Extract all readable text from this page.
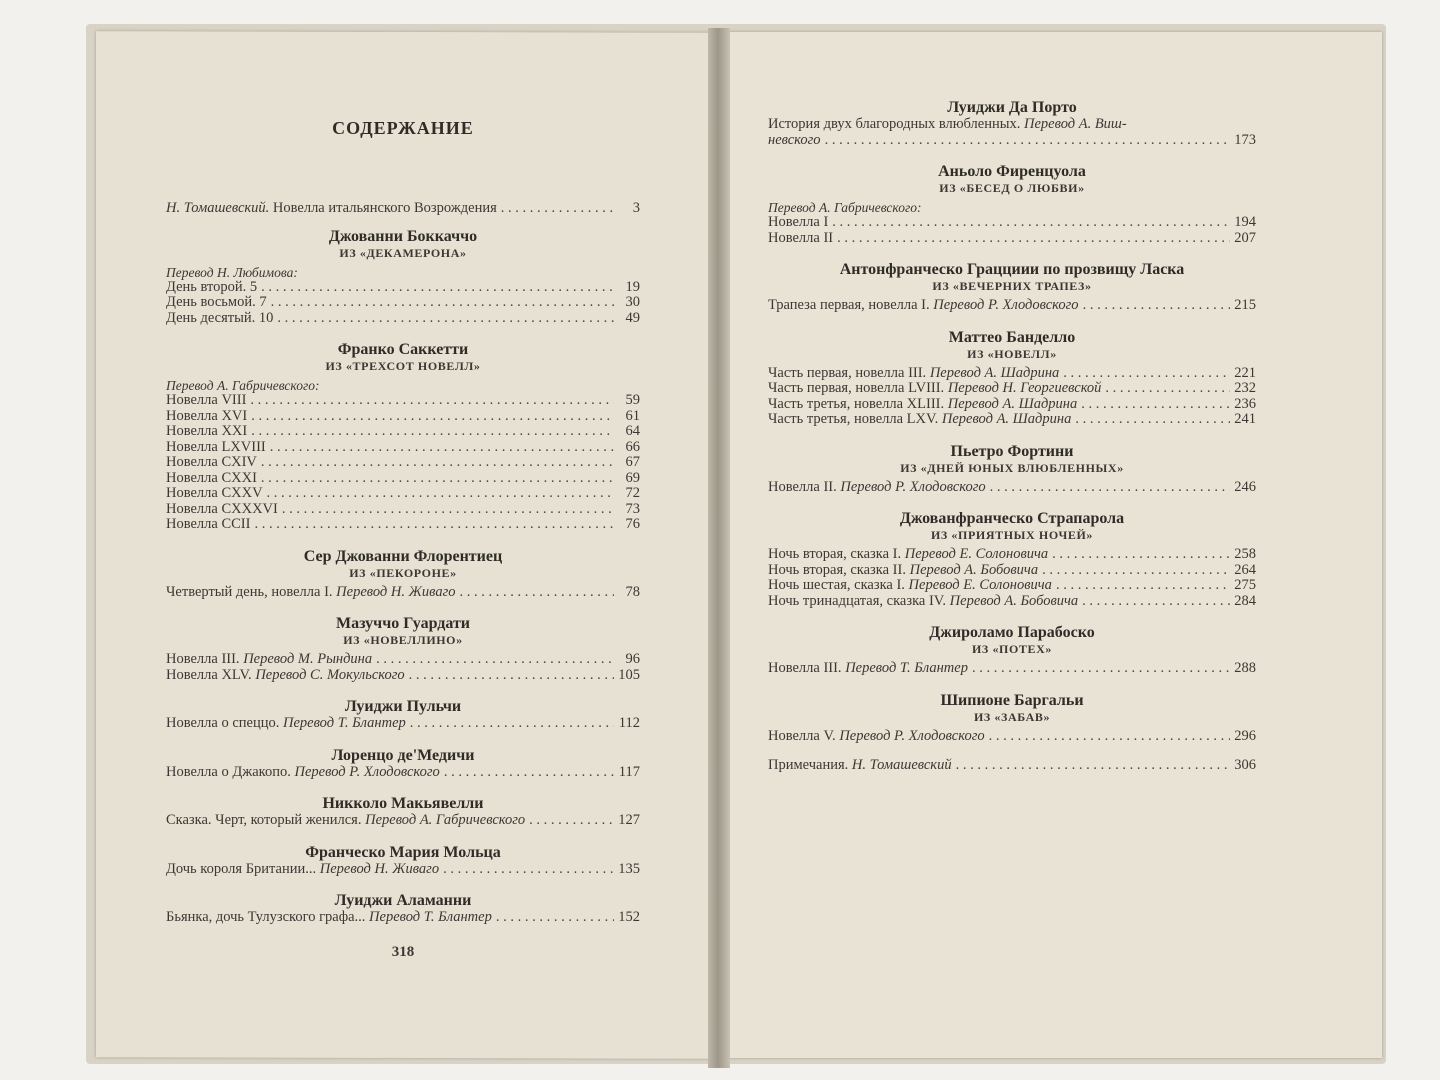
СОДЕРЖАНИЕ
Н. Томашевский. Новелла итальянского Возрождения . . .	3
Джованни Боккаччо
ИЗ «ДЕКАМЕРОНА»
Перевод Н. Любимова:
День второй. 5 . . .	19
День восьмой. 7 . . .	30
День десятый. 10 . . .	49
Франко Саккетти
ИЗ «ТРЕХСОТ НОВЕЛЛ»
Перевод А. Габричевского:
Новелла VIII . . .	59
Новелла XVI . . .	61
Новелла XXI . . .	64
Новелла LXVIII . . .	66
Новелла CXIV . . .	67
Новелла CXXI . . .	69
Новелла CXXV . . .	72
Новелла CXXXVI . . .	73
Новелла CCII . . .	76
Сер Джованни Флорентиец
ИЗ «ПЕКОРОНЕ»
Четвертый день, новелла I. Перевод Н. Живаго . . .	78
Мазуччо Гуардати
ИЗ «НОВЕЛЛИНО»
Новелла III. Перевод М. Рындина . . .	96
Новелла XLV. Перевод С. Мокульского . . .	105
Луиджи Пульчи
Новелла о спеццо. Перевод Т. Блантер . . .	112
Лоренцо де'Медичи
Новелла о Джакопо. Перевод Р. Хлодовского . . .	117
Никколо Макьявелли
Сказка. Черт, который женился. Перевод А. Габричевского . . .	127
Франческо Мария Мольца
Дочь короля Британии... Перевод Н. Живаго . . .	135
Луиджи Аламанни
Бьянка, дочь Тулузского графа... Перевод Т. Блантер . . .	152
318
Луиджи Да Порто
История двух благородных влюбленных. Перевод А. Виш-
невского . . .	173
Аньоло Фиренцуола
ИЗ «БЕСЕД О ЛЮБВИ»
Перевод А. Габричевского:
Новелла I . . .	194
Новелла II . . .	207
Антонфранческо Грацциии по прозвищу Ласка
ИЗ «ВЕЧЕРНИХ ТРАПЕЗ»
Трапеза первая, новелла I. Перевод Р. Хлодовского . . .	215
Маттео Банделло
ИЗ «НОВЕЛЛ»
Часть первая, новелла III. Перевод А. Шадрина . . .	221
Часть первая, новелла LVIII. Перевод Н. Георгиевской . . .	232
Часть третья, новелла XLIII. Перевод А. Шадрина . . .	236
Часть третья, новелла LXV. Перевод А. Шадрина . . .	241
Пьетро Фортини
ИЗ «ДНЕЙ ЮНЫХ ВЛЮБЛЕННЫХ»
Новелла II. Перевод Р. Хлодовского . . .	246
Джованфранческо Страпарола
ИЗ «ПРИЯТНЫХ НОЧЕЙ»
Ночь вторая, сказка I. Перевод Е. Солоновича . . .	258
Ночь вторая, сказка II. Перевод А. Бобовича . . .	264
Ночь шестая, сказка I. Перевод Е. Солоновича . . .	275
Ночь тринадцатая, сказка IV. Перевод А. Бобовича . . .	284
Джироламо Парабоско
ИЗ «ПОТЕХ»
Новелла III. Перевод Т. Блантер . . .	288
Шипионе Баргальи
ИЗ «ЗАБАВ»
Новелла V. Перевод Р. Хлодовского . . .	296
Примечания. Н. Томашевский . . .	306
